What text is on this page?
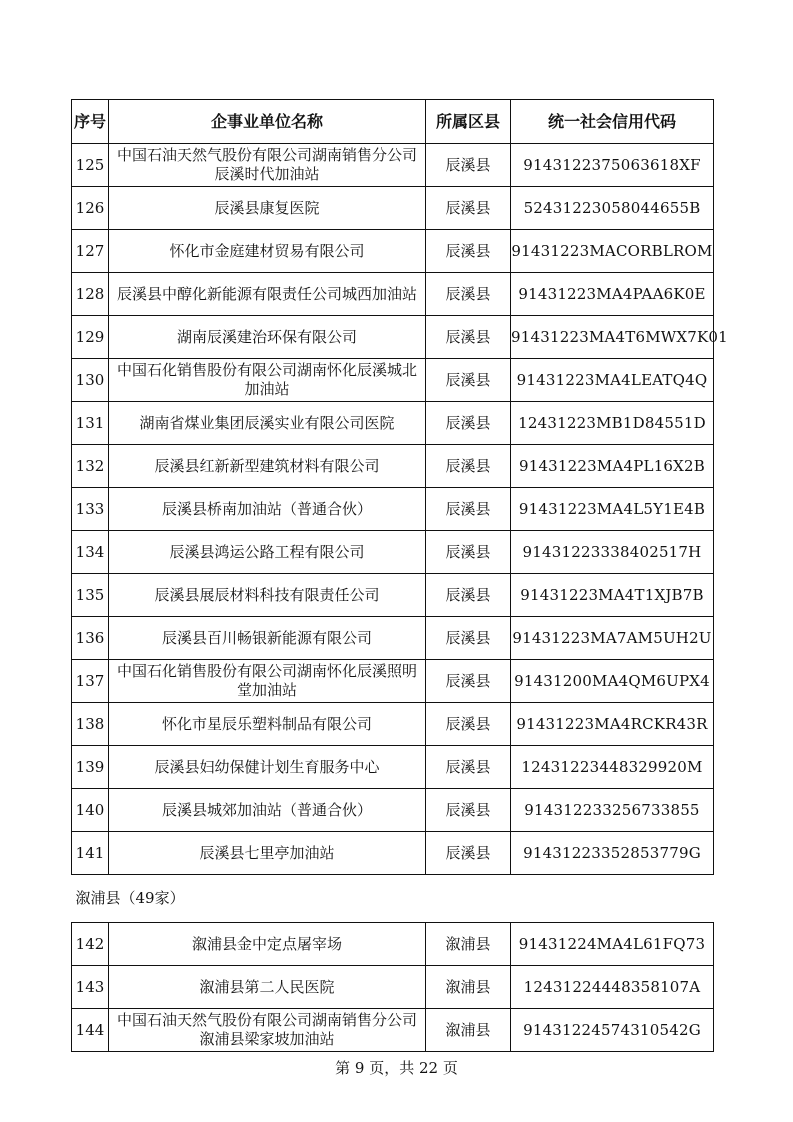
序号	企事业单位名称	所属区县	统一社会信用代码
125	中国石油天然气股份有限公司湖南销售分公司辰溪时代加油站	辰溪县	914312237506​3618XF
126	辰溪县康复医院	辰溪县	52431223058044655B
127	怀化市金庭建材贸易有限公司	辰溪县	91431223MACORBLROM
128	辰溪县中醇化新能源有限责任公司城西加油站	辰溪县	91431223MA4PAA6K0E
129	湖南辰溪建治环保有限公司	辰溪县	91431223MA4T6MWX7K01
130	中国石化销售股份有限公司湖南怀化辰溪城北加油站	辰溪县	91431223MA4LEATQ4Q
131	湖南省煤业集团辰溪实业有限公司医院	辰溪县	12431223MB1D84551D
132	辰溪县红新新型建筑材料有限公司	辰溪县	91431223MA4PL16X2B
133	辰溪县桥南加油站（普通合伙）	辰溪县	91431223MA4L5Y1E4B
134	辰溪县鸿运公路工程有限公司	辰溪县	914312233384​02517H
135	辰溪县展辰材料科技有限责任公司	辰溪县	91431223MA4T1XJB7B
136	辰溪县百川畅银新能源有限公司	辰溪县	91431223MA7AM5UH2U
137	中国石化销售股份有限公司湖南怀化辰溪照明堂加油站	辰溪县	91431200MA4QM6UPX4
138	怀化市星辰乐塑料制品有限公司	辰溪县	91431223MA4RCKR43R
139	辰溪县妇幼保健计划生育服务中心	辰溪县	12431223448329920M
140	辰溪县城郊加油站（普通合伙）	辰溪县	914312233256733855
141	辰溪县七里亭加油站	辰溪县	91431223352853779G
溆浦县（49家）			
142	溆浦县金中定点屠宰场	溆浦县	91431224MA4L61FQ73
143	溆浦县第二人民医院	溆浦县	12431224448358107A
144	中国石油天然气股份有限公司湖南销售分公司溆浦县梁家坡加油站	溆浦县	91431224574310542G
第 9 页，共 22 页
